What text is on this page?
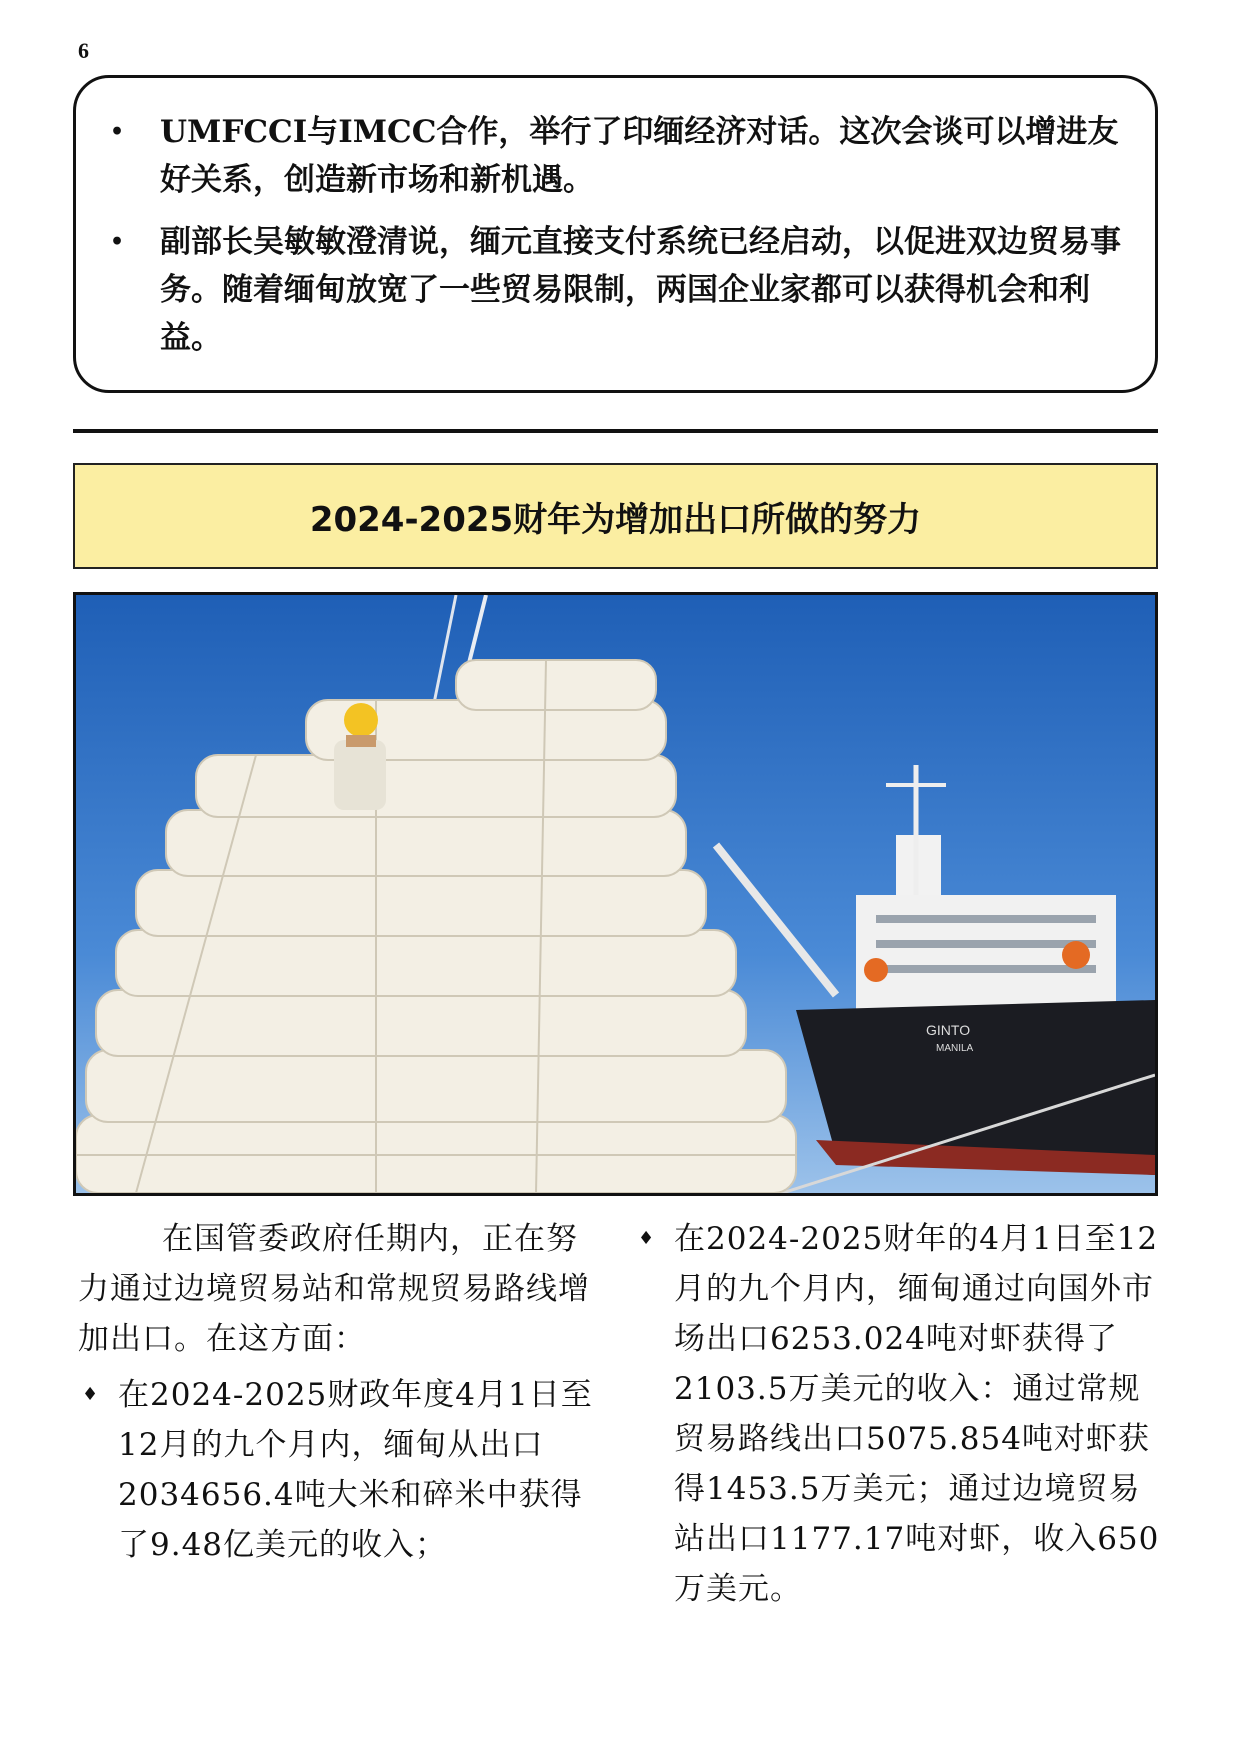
6
• UMFCCI与IMCC合作，举行了印缅经济对话。这次会谈可以增进友好关系，创造新市场和新机遇。
• 副部长吴敏敏澄清说，缅元直接支付系统已经启动，以促进双边贸易事务。随着缅甸放宽了一些贸易限制，两国企业家都可以获得机会和利益。
2024-2025财年为增加出口所做的努力
GINTO
MANILA

在国管委政府任期内，正在努力通过边境贸易站和常规贸易路线增加出口。在这方面：

♦ 在2024-2025财政年度4月1日至12月的九个月内，缅甸从出口2034656.4吨大米和碎米中获得了9.48亿美元的收入；
♦ 在2024-2025财年的4月1日至12月的九个月内，缅甸通过向国外市场出口6253.024吨对虾获得了2103.5万美元的收入：通过常规贸易路线出口5075.854吨对虾获得1453.5万美元；通过边境贸易站出口1177.17吨对虾，收入650万美元。
